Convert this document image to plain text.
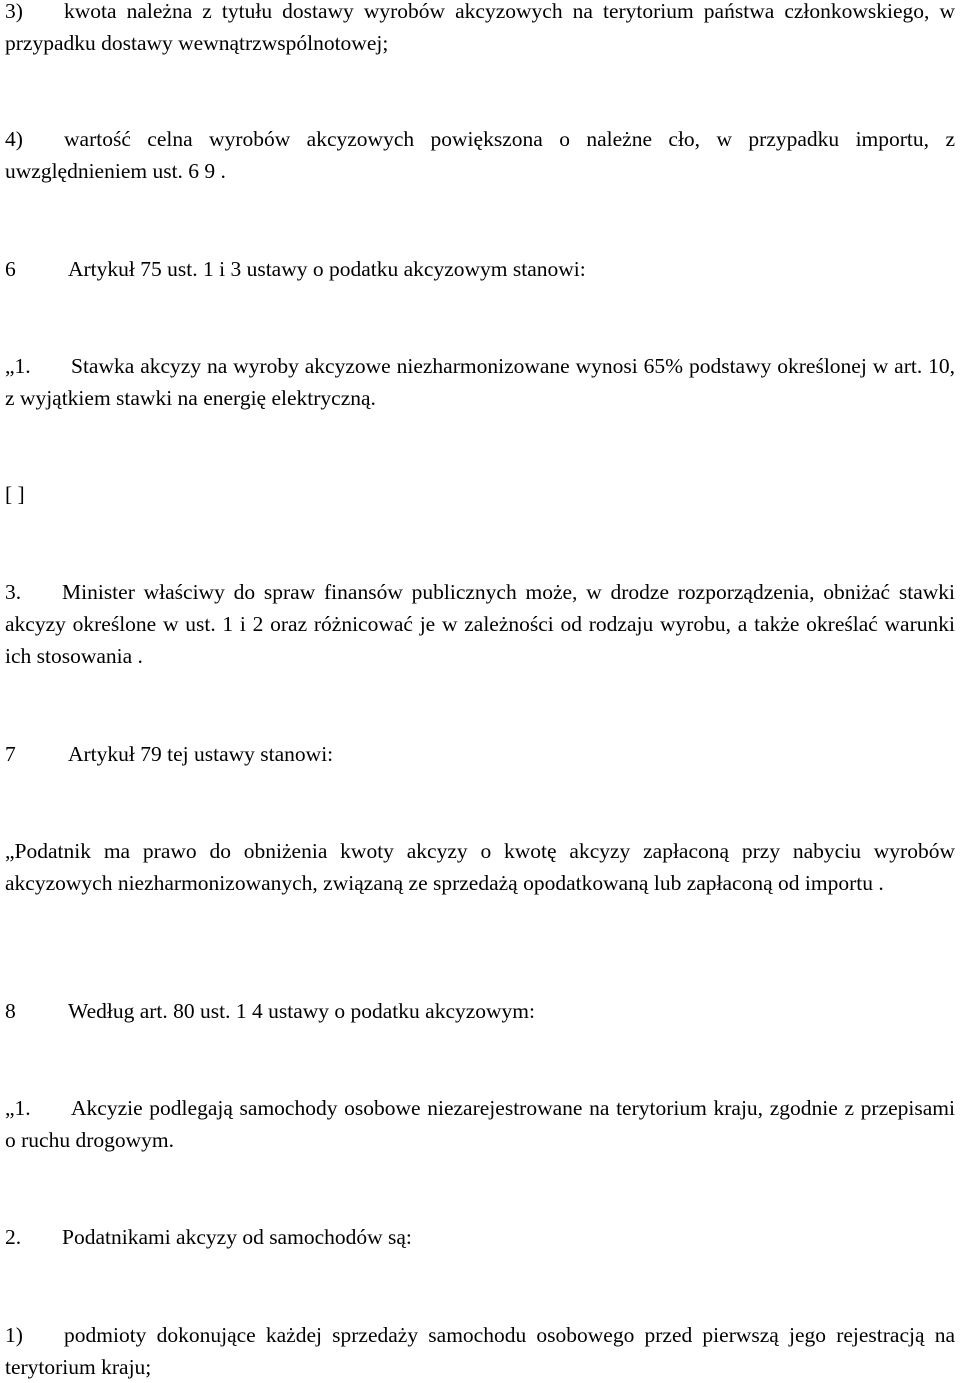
3) kwota należna z tytułu dostawy wyrobów akcyzowych na terytorium państwa członkowskiego, w przypadku dostawy wewnątrzwspólnotowej;

4) wartość celna wyrobów akcyzowych powiększona o należne cło, w przypadku importu, z uwzględnieniem ust. 6 9 .

6 Artykuł 75 ust. 1 i 3 ustawy o podatku akcyzowym stanowi:

„1. Stawka akcyzy na wyroby akcyzowe niezharmonizowane wynosi 65% podstawy określonej w art. 10, z wyjątkiem stawki na energię elektryczną.

[ ]

3. Minister właściwy do spraw finansów publicznych może, w drodze rozporządzenia, obniżać stawki akcyzy określone w ust. 1 i 2 oraz różnicować je w zależności od rodzaju wyrobu, a także określać warunki ich stosowania .

7 Artykuł 79 tej ustawy stanowi:

„Podatnik ma prawo do obniżenia kwoty akcyzy o kwotę akcyzy zapłaconą przy nabyciu wyrobów akcyzowych niezharmonizowanych, związaną ze sprzedażą opodatkowaną lub zapłaconą od importu .

8 Według art. 80 ust. 1 4 ustawy o podatku akcyzowym:

„1. Akcyzie podlegają samochody osobowe niezarejestrowane na terytorium kraju, zgodnie z przepisami o ruchu drogowym.

2. Podatnikami akcyzy od samochodów są:

1) podmioty dokonujące każdej sprzedaży samochodu osobowego przed pierwszą jego rejestracją na terytorium kraju;
